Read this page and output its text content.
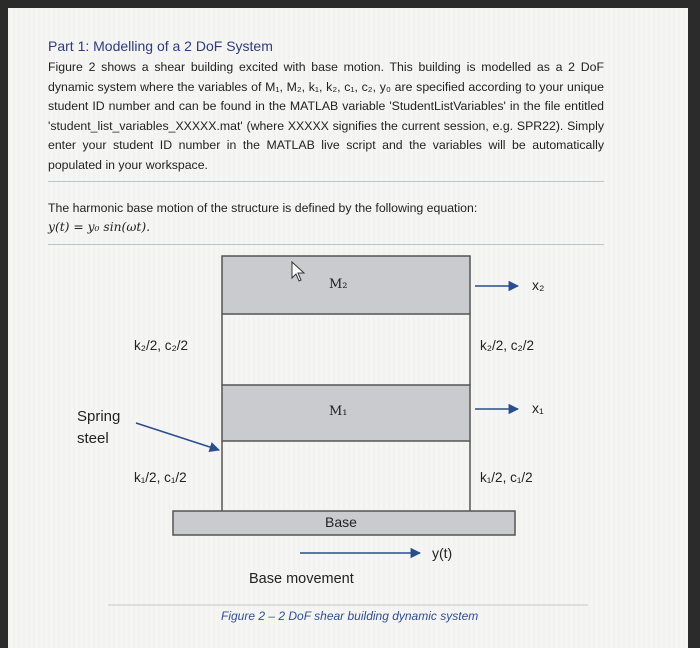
Part 1: Modelling of a 2 DoF System
Figure 2 shows a shear building excited with base motion. This building is modelled as a 2 DoF dynamic system where the variables of M₁, M₂, k₁, k₂, c₁, c₂, y₀ are specified according to your unique student ID number and can be found in the MATLAB variable 'StudentListVariables' in the file entitled 'student_list_variables_XXXXX.mat' (where XXXXX signifies the current session, e.g. SPR22). Simply enter your student ID number in the MATLAB live script and the variables will be automatically populated in your workspace.
The harmonic base motion of the structure is defined by the following equation:
y(t) = y₀ sin(ωt).
M₂
M₁
Base
k₂/2, c₂/2	k₂/2, c₂/2
k₁/2, c₁/2	k₁/2, c₁/2
Spring
steel
x₂
x₁
y(t)
Base movement
Figure 2 – 2 DoF shear building dynamic system
